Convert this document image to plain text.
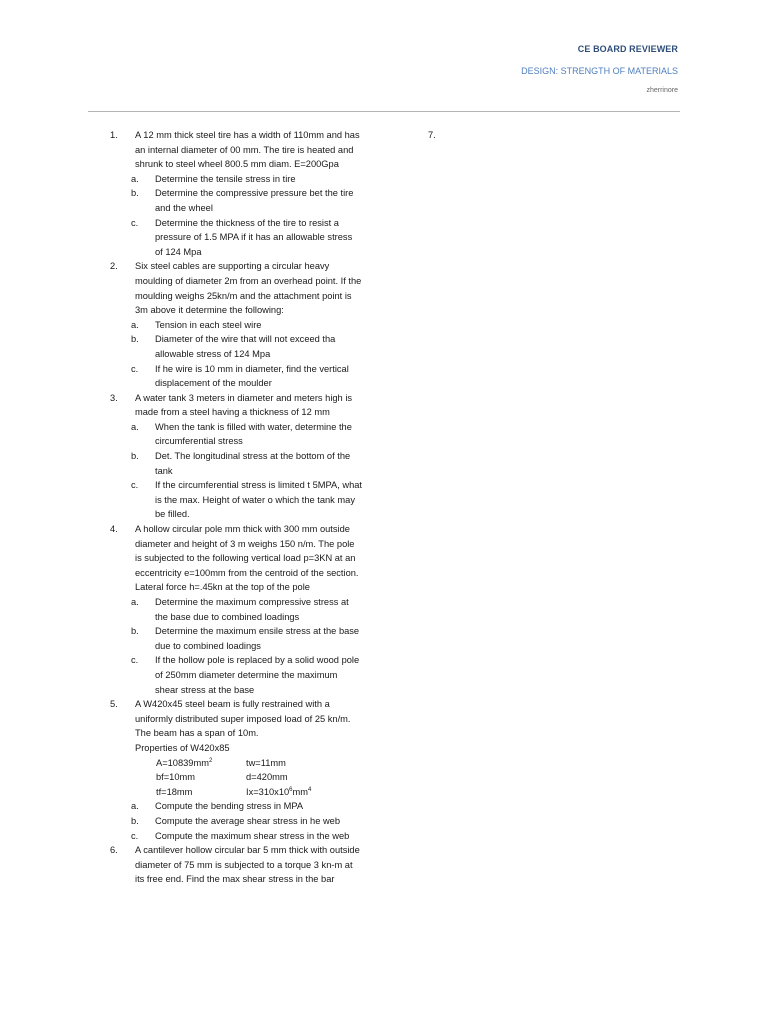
CE BOARD REVIEWER
DESIGN: STRENGTH OF MATERIALS
zherrinore
1.	A 12 mm thick steel tire has a width of 110mm and has an internal diameter of 00 mm. The tire is heated and shrunk to steel wheel 800.5 mm diam. E=200Gpa
a.	Determine the tensile stress in tire
b.	Determine the compressive pressure bet the tire and the wheel
c.	Determine the thickness of the tire to resist a pressure of 1.5 MPA if it has an allowable stress of 124 Mpa
2.	Six steel cables are supporting a circular heavy moulding of diameter 2m from an overhead point. If the moulding weighs 25kn/m and the attachment point is 3m above it determine the following:
a.	Tension in each steel wire
b.	Diameter of the wire that will not exceed tha allowable stress of 124 Mpa
c.	If he wire is 10 mm in diameter, find the vertical displacement of the moulder
3.	A water tank 3 meters in diameter and meters high is made from a steel having a thickness of 12 mm
a.	When the tank is filled with water, determine the circumferential stress
b.	Det. The longitudinal stress at the bottom of the tank
c.	If the circumferential stress is limited t 5MPA, what is the max. Height of water o which the tank may be filled.
4.	A hollow circular pole mm thick with 300 mm outside diameter and height of 3 m weighs 150 n/m. The pole is subjected to the following vertical load p=3KN at an eccentricity e=100mm from the centroid of the section. Lateral force h=.45kn at the top of the pole
a.	Determine the maximum compressive stress at the base due to combined loadings
b.	Determine the maximum ensile stress at the base due to combined loadings
c.	If the hollow pole is replaced by a solid wood pole of 250mm diameter determine the maximum shear stress at the base
5.	A W420x45 steel beam is fully restrained with a uniformly distributed super imposed load of 25 kn/m. The beam has a span of 10m.
Properties of W420x85
$A=10839mm^2$	tw=11mm
bf=10mm	d=420mm
tf=18mm	$Ix=310x10^6mm^4$
a.	Compute the bending stress in MPA
b.	Compute the average shear stress in he web
c.	Compute the maximum shear stress in the web
6.	A cantilever hollow circular bar 5 mm thick with outside diameter of 75 mm is subjected to a torque 3 kn-m at its free end. Find the max shear stress in the bar
7.
